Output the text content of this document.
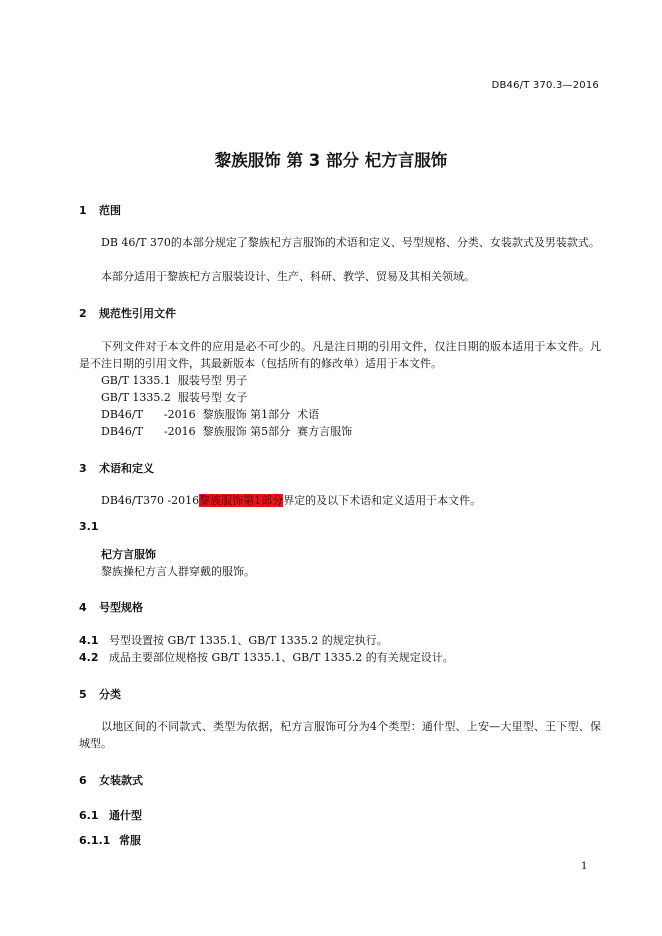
DB46/T 370.3—2016
黎族服饰 第 3 部分 杞方言服饰
1 范围
DB 46/T 370的本部分规定了黎族杞方言服饰的术语和定义、号型规格、分类、女装款式及男装款式。
本部分适用于黎族杞方言服装设计、生产、科研、教学、贸易及其相关领域。
2 规范性引用文件
下列文件对于本文件的应用是必不可少的。凡是注日期的引用文件，仅注日期的版本适用于本文件。凡是不注日期的引用文件，其最新版本（包括所有的修改单）适用于本文件。
GB/T 1335.1  服装号型 男子
GB/T 1335.2  服装号型 女子
DB46/T      -2016  黎族服饰 第1部分  术语
DB46/T      -2016  黎族服饰 第5部分  赛方言服饰
3 术语和定义
DB46/T370 -2016黎族服饰第1部分界定的及以下术语和定义适用于本文件。
3.1
杞方言服饰
黎族操杞方言人群穿戴的服饰。
4 号型规格
4.1 号型设置按 GB/T 1335.1、GB/T 1335.2 的规定执行。
4.2 成品主要部位规格按 GB/T 1335.1、GB/T 1335.2 的有关规定设计。
5 分类
以地区间的不同款式、类型为依据，杞方言服饰可分为4个类型：通什型、上安—大里型、王下型、保城型。
6 女装款式
6.1 通什型
6.1.1 常服
1
